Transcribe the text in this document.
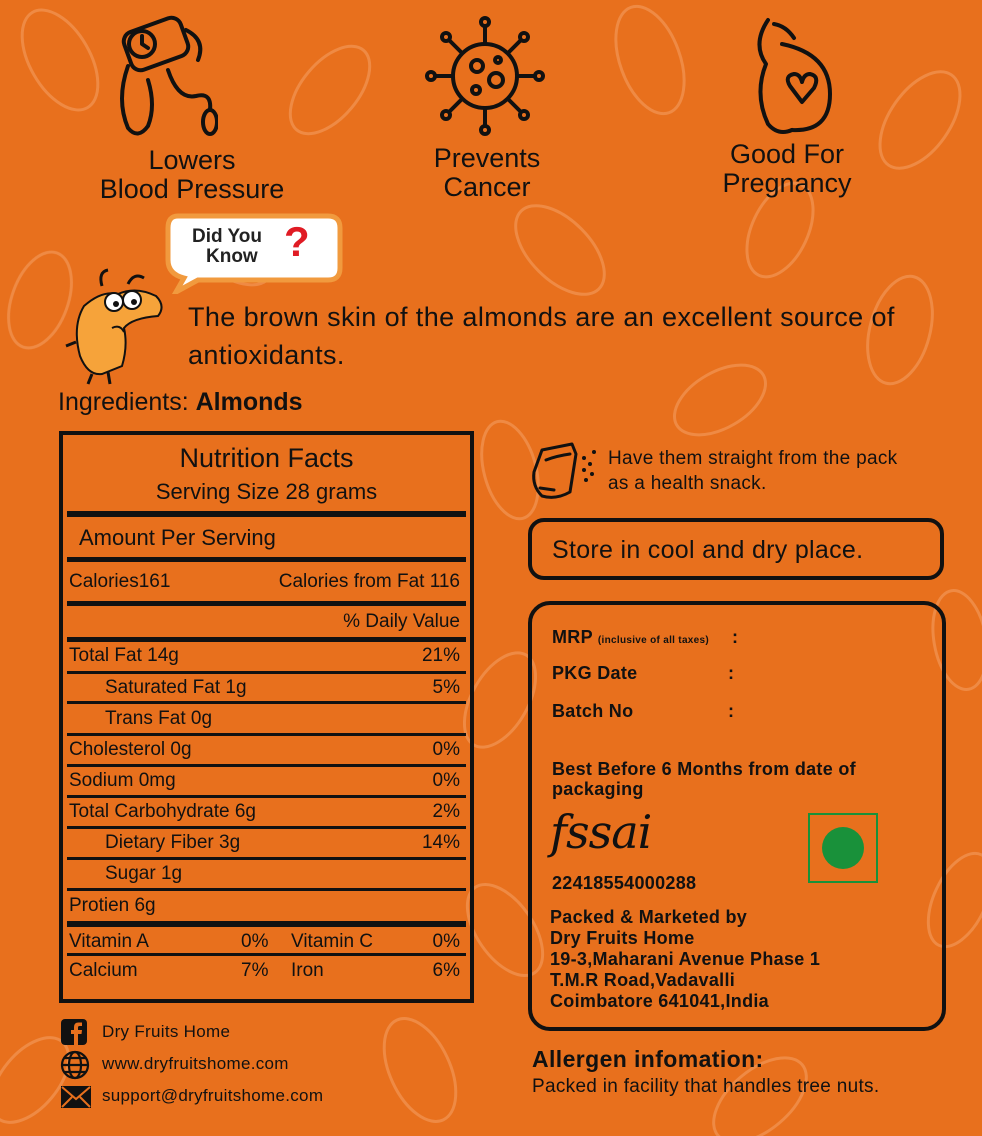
Lowers
Blood Pressure
Prevents
Cancer
Good For
Pregnancy
Did You
Know ?
The brown skin of the almonds are an excellent source of antioxidants.
Ingredients: Almonds
Nutrition Facts
Serving Size 28 grams
Amount Per Serving
Calories161	Calories from Fat 116
% Daily Value
Total Fat 14g	21%
Saturated Fat 1g	5%
Trans Fat 0g
Cholesterol 0g	0%
Sodium 0mg	0%
Total Carbohydrate 6g	2%
Dietary Fiber 3g	14%
Sugar 1g
Protien 6g
Vitamin A	0% Vitamin C	0%
Calcium	7% Iron	6%
Have them straight from the pack
as a health snack.
Store in cool and dry place.
MRP (inclusive of all taxes) :
PKG Date	:
Batch No	:
Best Before 6 Months from date of
packaging
fssai
22418554000288
Packed & Marketed by
Dry Fruits Home
19-3,Maharani Avenue Phase 1
T.M.R Road,Vadavalli
Coimbatore 641041,India
Allergen infomation:
Packed in facility that handles tree nuts.
Dry Fruits Home
www.dryfruitshome.com
support@dryfruitshome.com
